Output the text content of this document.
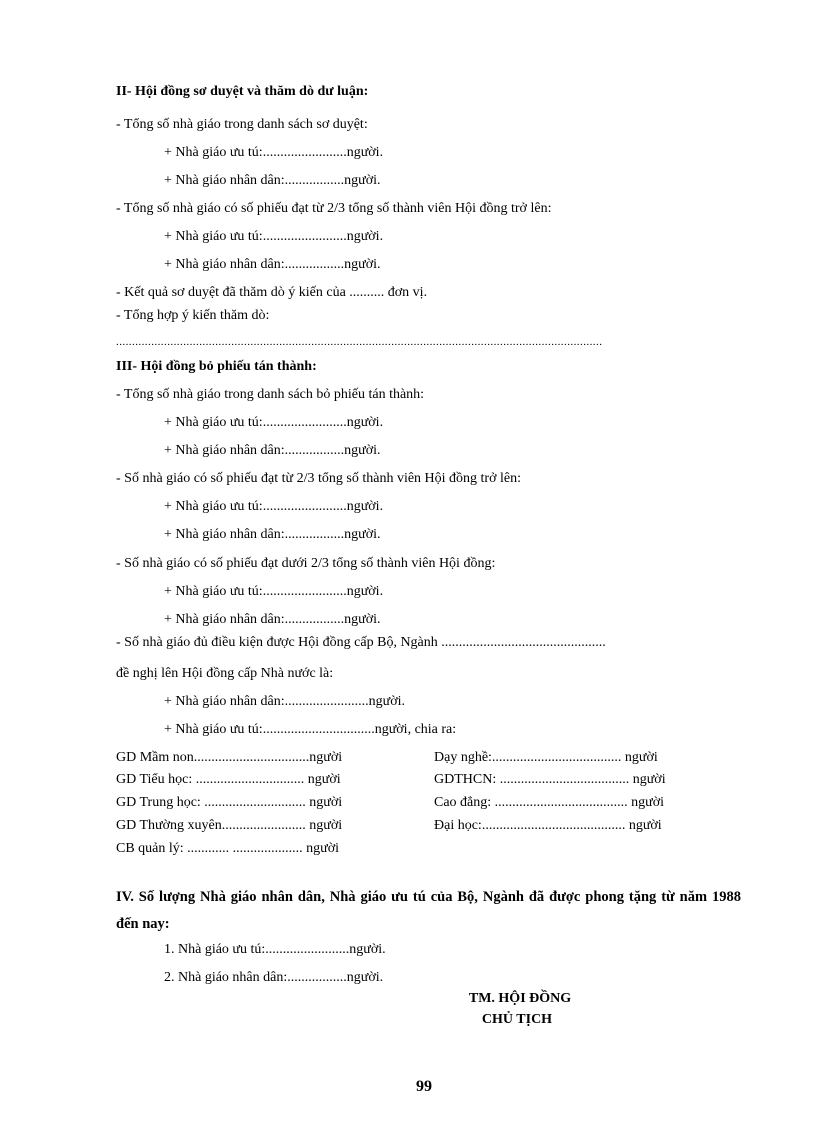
II- Hội đồng sơ duyệt và thăm dò dư luận:
- Tổng số nhà giáo trong danh sách sơ duyệt:
+ Nhà giáo ưu tú:........................người.
+ Nhà giáo nhân dân:.................người.
- Tổng số nhà giáo có số phiếu đạt từ 2/3 tổng số thành viên Hội đồng trở lên:
+ Nhà giáo ưu tú:........................người.
+ Nhà giáo nhân dân:.................người.
- Kết quả sơ duyệt đã thăm dò ý kiến của .......... đơn vị.
- Tổng hợp ý kiến thăm dò:
........................................................................................................................................................
III- Hội đồng bỏ phiếu tán thành:
- Tổng số nhà giáo trong danh sách bỏ phiếu tán thành:
+ Nhà giáo ưu tú:........................người.
+ Nhà giáo nhân dân:.................người.
- Số nhà giáo có số phiếu đạt từ 2/3 tổng số thành viên Hội đồng trở lên:
+ Nhà giáo ưu tú:........................người.
+ Nhà giáo nhân dân:.................người.
- Số nhà giáo có số phiếu đạt dưới 2/3 tổng số thành viên Hội đồng:
+ Nhà giáo ưu tú:........................người.
+ Nhà giáo nhân dân:.................người.
- Số nhà giáo đủ điều kiện được Hội đồng cấp Bộ, Ngành ...............................................
đề nghị lên Hội đồng cấp Nhà nước là:
+ Nhà giáo nhân dân:........................người.
+ Nhà giáo ưu tú:................................người, chia ra:
GD Mầm non.................................người
GD Tiểu học: ............................... người
GD Trung học: ............................. người
GD Thường xuyên........................ người
CB quản lý: ............ .................... người
Dạy nghề:..................................... người
GDTHCN: ..................................... người
Cao đẳng: ...................................... người
Đại học:......................................... người
IV. Số lượng Nhà giáo nhân dân, Nhà giáo ưu tú của Bộ, Ngành đã được phong tặng từ năm 1988 đến nay:
1. Nhà giáo ưu tú:........................người.
2. Nhà giáo nhân dân:.................người.
TM. HỘI ĐỒNG
CHỦ TỊCH
99
